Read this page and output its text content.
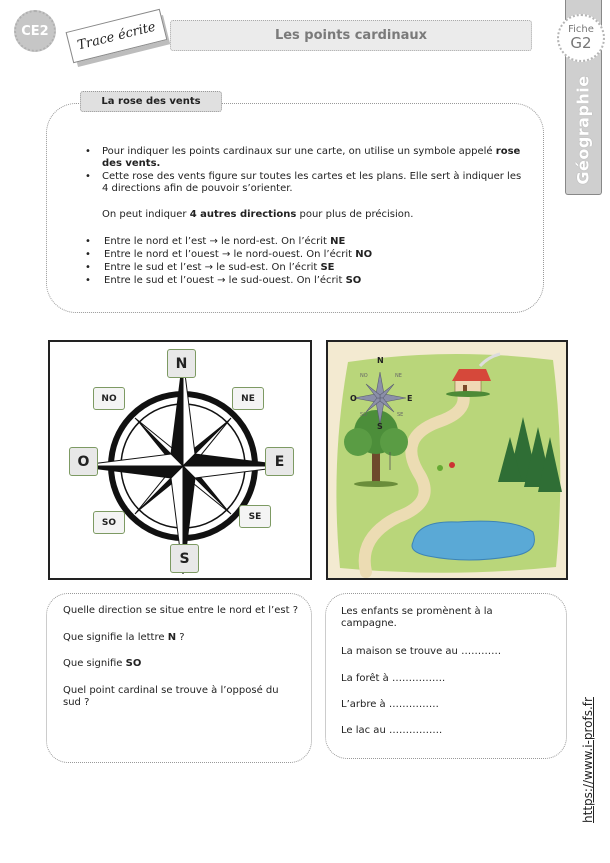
CE2 Trace écrite	Les points cardinaux	Fiche
G2
Géographie
La rose des vents
• Pour indiquer les points cardinaux sur une carte, on utilise un symbole appelé rose des vents.
• Cette rose des vents figure sur toutes les cartes et les plans. Elle sert à indiquer les 4 directions afin de pouvoir s’orienter.
On peut indiquer 4 autres directions pour plus de précision.
• Entre le nord et l’est → le nord-est. On l’écrit NE
• Entre le nord et l’ouest → le nord-ouest. On l’écrit NO
• Entre le sud et l’est → le sud-est. On l’écrit SE
• Entre le sud et l’ouest → le sud-ouest. On l’écrit SO
N
NO	NE
O	E
SO
SE
S
N
NO	NE
O	E
SO	SE
S
Quelle direction se situe entre le nord et l’est ?
Que signifie la lettre N ?
Que signifie SO
Quel point cardinal se trouve à l’opposé du sud ?
Les enfants se promènent à la campagne.
La maison se trouve au …………
La forêt à …………….
L’arbre à ……………
Le lac au …………….	https://www.i-profs.fr
